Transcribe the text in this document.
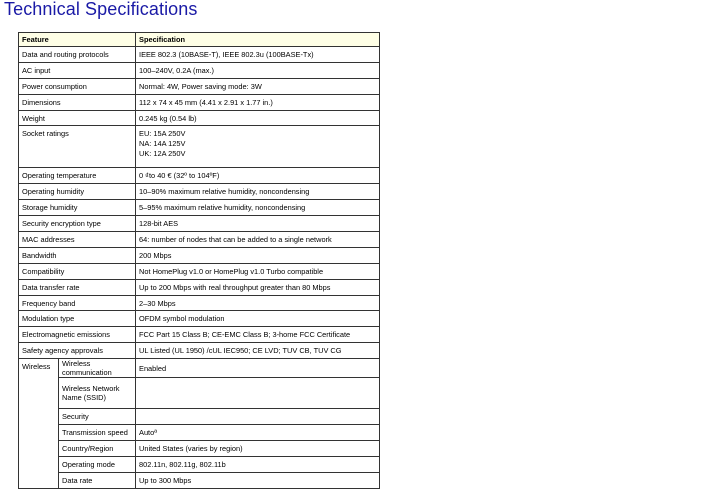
Technical Specifications
Feature		Specification
Data and routing protocols		IEEE 802.3 (10BASE-T), IEEE 802.3u (100BASE-Tx)
AC input		100–240V, 0.2A (max.)
Power consumption		Normal: 4W, Power saving mode: 3W
Dimensions		112 x 74 x 45 mm (4.41 x 2.91 x 1.77 in.)
Weight		0.245 kg (0.54 lb)
Socket ratings		EU: 15A 250V
NA: 14A 125V
UK: 12A 250V

Operating temperature		0 ₫to 40 € (32º to 104ºF)
Operating humidity		10–90% maximum relative humidity, noncondensing
Storage humidity		5–95% maximum relative humidity, noncondensing
Security encryption type		128-bit AES
MAC addresses		64: number of nodes that can be added to a single network
Bandwidth		200 Mbps
Compatibility		Not HomePlug v1.0 or HomePlug v1.0 Turbo compatible
Data transfer rate		Up to 200 Mbps with real throughput greater than 80 Mbps
Frequency band		2–30 Mbps
Modulation type		OFDM symbol modulation
Electromagnetic emissions		FCC Part 15 Class B; CE-EMC Class B; 3-home FCC Certificate
Safety agency approvals		UL Listed (UL 1950) /cUL IEC950; CE LVD; TUV CB, TUV CG
Wireless	Wireless communication	Enabled
	Wireless Network Name (SSID)	
	Security	
	Transmission speed	Autoª
	Country/Region	United States (varies by region)
	Operating mode	802.11n, 802.11g, 802.11b
	Data rate	Up to 300 Mbps
